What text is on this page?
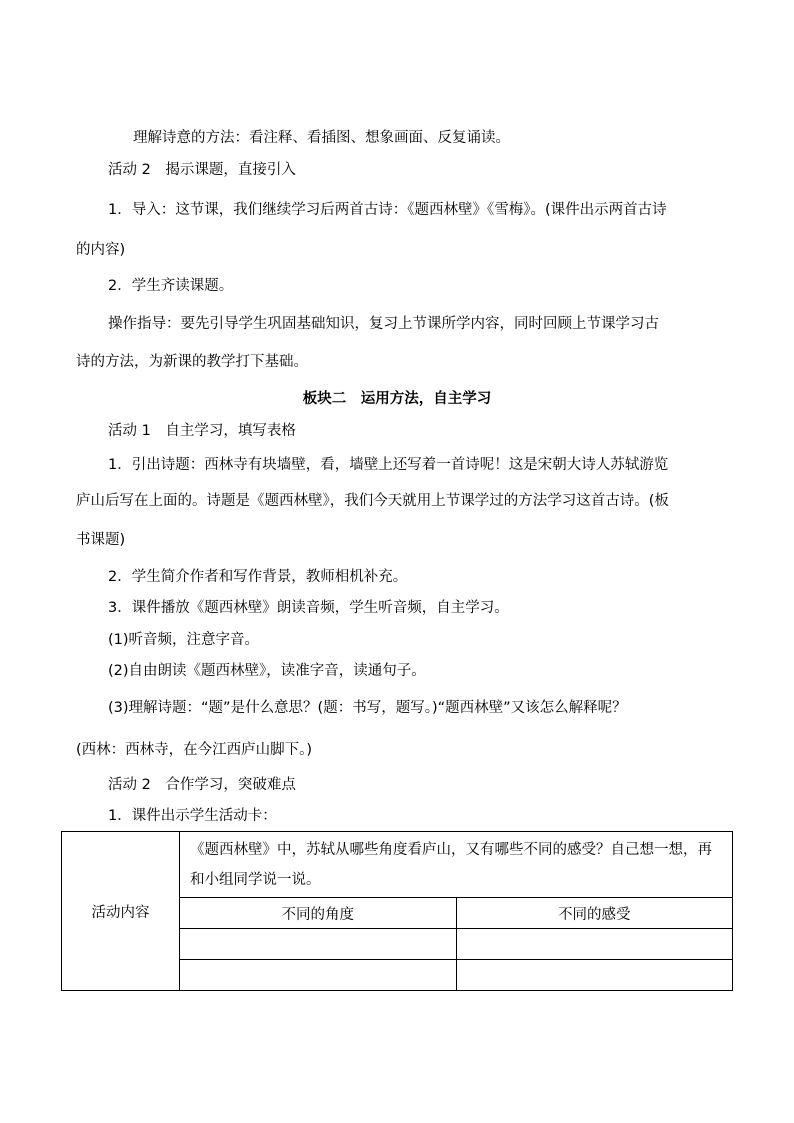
理解诗意的方法：看注释、看插图、想象画面、反复诵读。
活动 2　揭示课题，直接引入
1．导入：这节课，我们继续学习后两首古诗：《题西林壁》《雪梅》。(课件出示两首古诗
的内容)
2．学生齐读课题。
操作指导：要先引导学生巩固基础知识，复习上节课所学内容，同时回顾上节课学习古
诗的方法，为新课的教学打下基础。
板块二　运用方法，自主学习
活动 1　自主学习，填写表格
1．引出诗题：西林寺有块墙壁，看，墙壁上还写着一首诗呢！这是宋朝大诗人苏轼游览
庐山后写在上面的。诗题是《题西林壁》，我们今天就用上节课学过的方法学习这首古诗。(板
书课题)
2．学生简介作者和写作背景，教师相机补充。
3．课件播放《题西林壁》朗读音频，学生听音频，自主学习。
(1)听音频，注意字音。
(2)自由朗读《题西林壁》，读准字音，读通句子。
(3)理解诗题：“题”是什么意思？(题：书写，题写。)“题西林壁”又该怎么解释呢？
(西林：西林寺，在今江西庐山脚下。)
活动 2　合作学习，突破难点
1．课件出示学生活动卡：
活动内容	《题西林壁》中，苏轼从哪些角度看庐山，又有哪些不同的感受？自己想一想，再和小组同学说一说。	
	不同的角度	不同的感受
